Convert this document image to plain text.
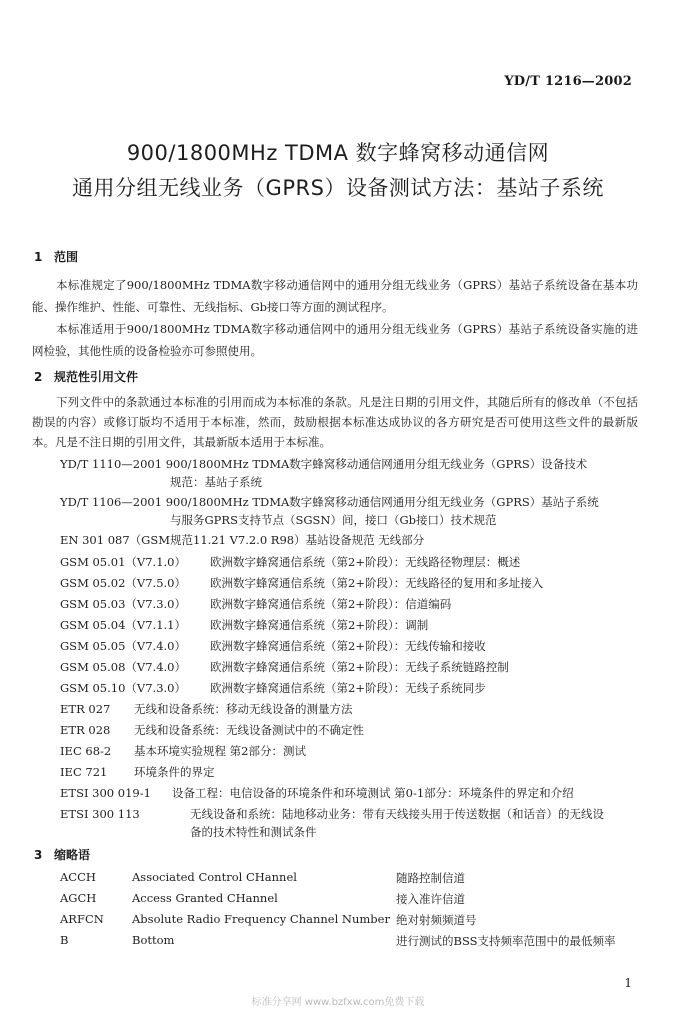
YD/T 1216—2002
900/1800MHz TDMA 数字蜂窝移动通信网
通用分组无线业务（GPRS）设备测试方法：基站子系统
1 范围
本标准规定了900/1800MHz TDMA数字移动通信网中的通用分组无线业务（GPRS）基站子系统设备在基本功能、操作维护、性能、可靠性、无线指标、Gb接口等方面的测试程序。
本标准适用于900/1800MHz TDMA数字移动通信网中的通用分组无线业务（GPRS）基站子系统设备实施的进网检验，其他性质的设备检验亦可参照使用。
2 规范性引用文件
下列文件中的条款通过本标准的引用而成为本标准的条款。凡是注日期的引用文件，其随后所有的修改单（不包括勘误的内容）或修订版均不适用于本标准，然而，鼓励根据本标准达成协议的各方研究是否可使用这些文件的最新版本。凡是不注日期的引用文件，其最新版本适用于本标准。
YD/T 1110—2001 900/1800MHz TDMA数字蜂窝移动通信网通用分组无线业务（GPRS）设备技术
规范：基站子系统
YD/T 1106—2001 900/1800MHz TDMA数字蜂窝移动通信网通用分组无线业务（GPRS）基站子系统
与服务GPRS支持节点（SGSN）间，接口（Gb接口）技术规范
EN 301 087（GSM规范11.21 V7.2.0 R98）基站设备规范 无线部分
GSM 05.01（V7.1.0） 欧洲数字蜂窝通信系统（第2+阶段）：无线路径物理层：概述
GSM 05.02（V7.5.0） 欧洲数字蜂窝通信系统（第2+阶段）：无线路径的复用和多址接入
GSM 05.03（V7.3.0） 欧洲数字蜂窝通信系统（第2+阶段）：信道编码
GSM 05.04（V7.1.1） 欧洲数字蜂窝通信系统（第2+阶段）：调制
GSM 05.05（V7.4.0） 欧洲数字蜂窝通信系统（第2+阶段）：无线传输和接收
GSM 05.08（V7.4.0） 欧洲数字蜂窝通信系统（第2+阶段）：无线子系统链路控制
GSM 05.10（V7.3.0） 欧洲数字蜂窝通信系统（第2+阶段）：无线子系统同步
ETR 027 无线和设备系统：移动无线设备的测量方法
ETR 028 无线和设备系统：无线设备测试中的不确定性
IEC 68-2 基本环境实验规程 第2部分：测试
IEC 721 环境条件的界定
ETSI 300 019-1 设备工程：电信设备的环境条件和环境测试 第0-1部分：环境条件的界定和介绍
ETSI 300 113	无线设备和系统：陆地移动业务：带有天线接头用于传送数据（和话音）的无线设
备的技术特性和测试条件
3 缩略语
ACCH	Associated Control CHannel	随路控制信道
AGCH	Access Granted CHannel	接入准许信道
ARFCN Absolute Radio Frequency Channel Number 绝对射频频道号
B	Bottom	进行测试的BSS支持频率范围中的最低频率
1
标准分享网 www.bzfxw.com免费下载
